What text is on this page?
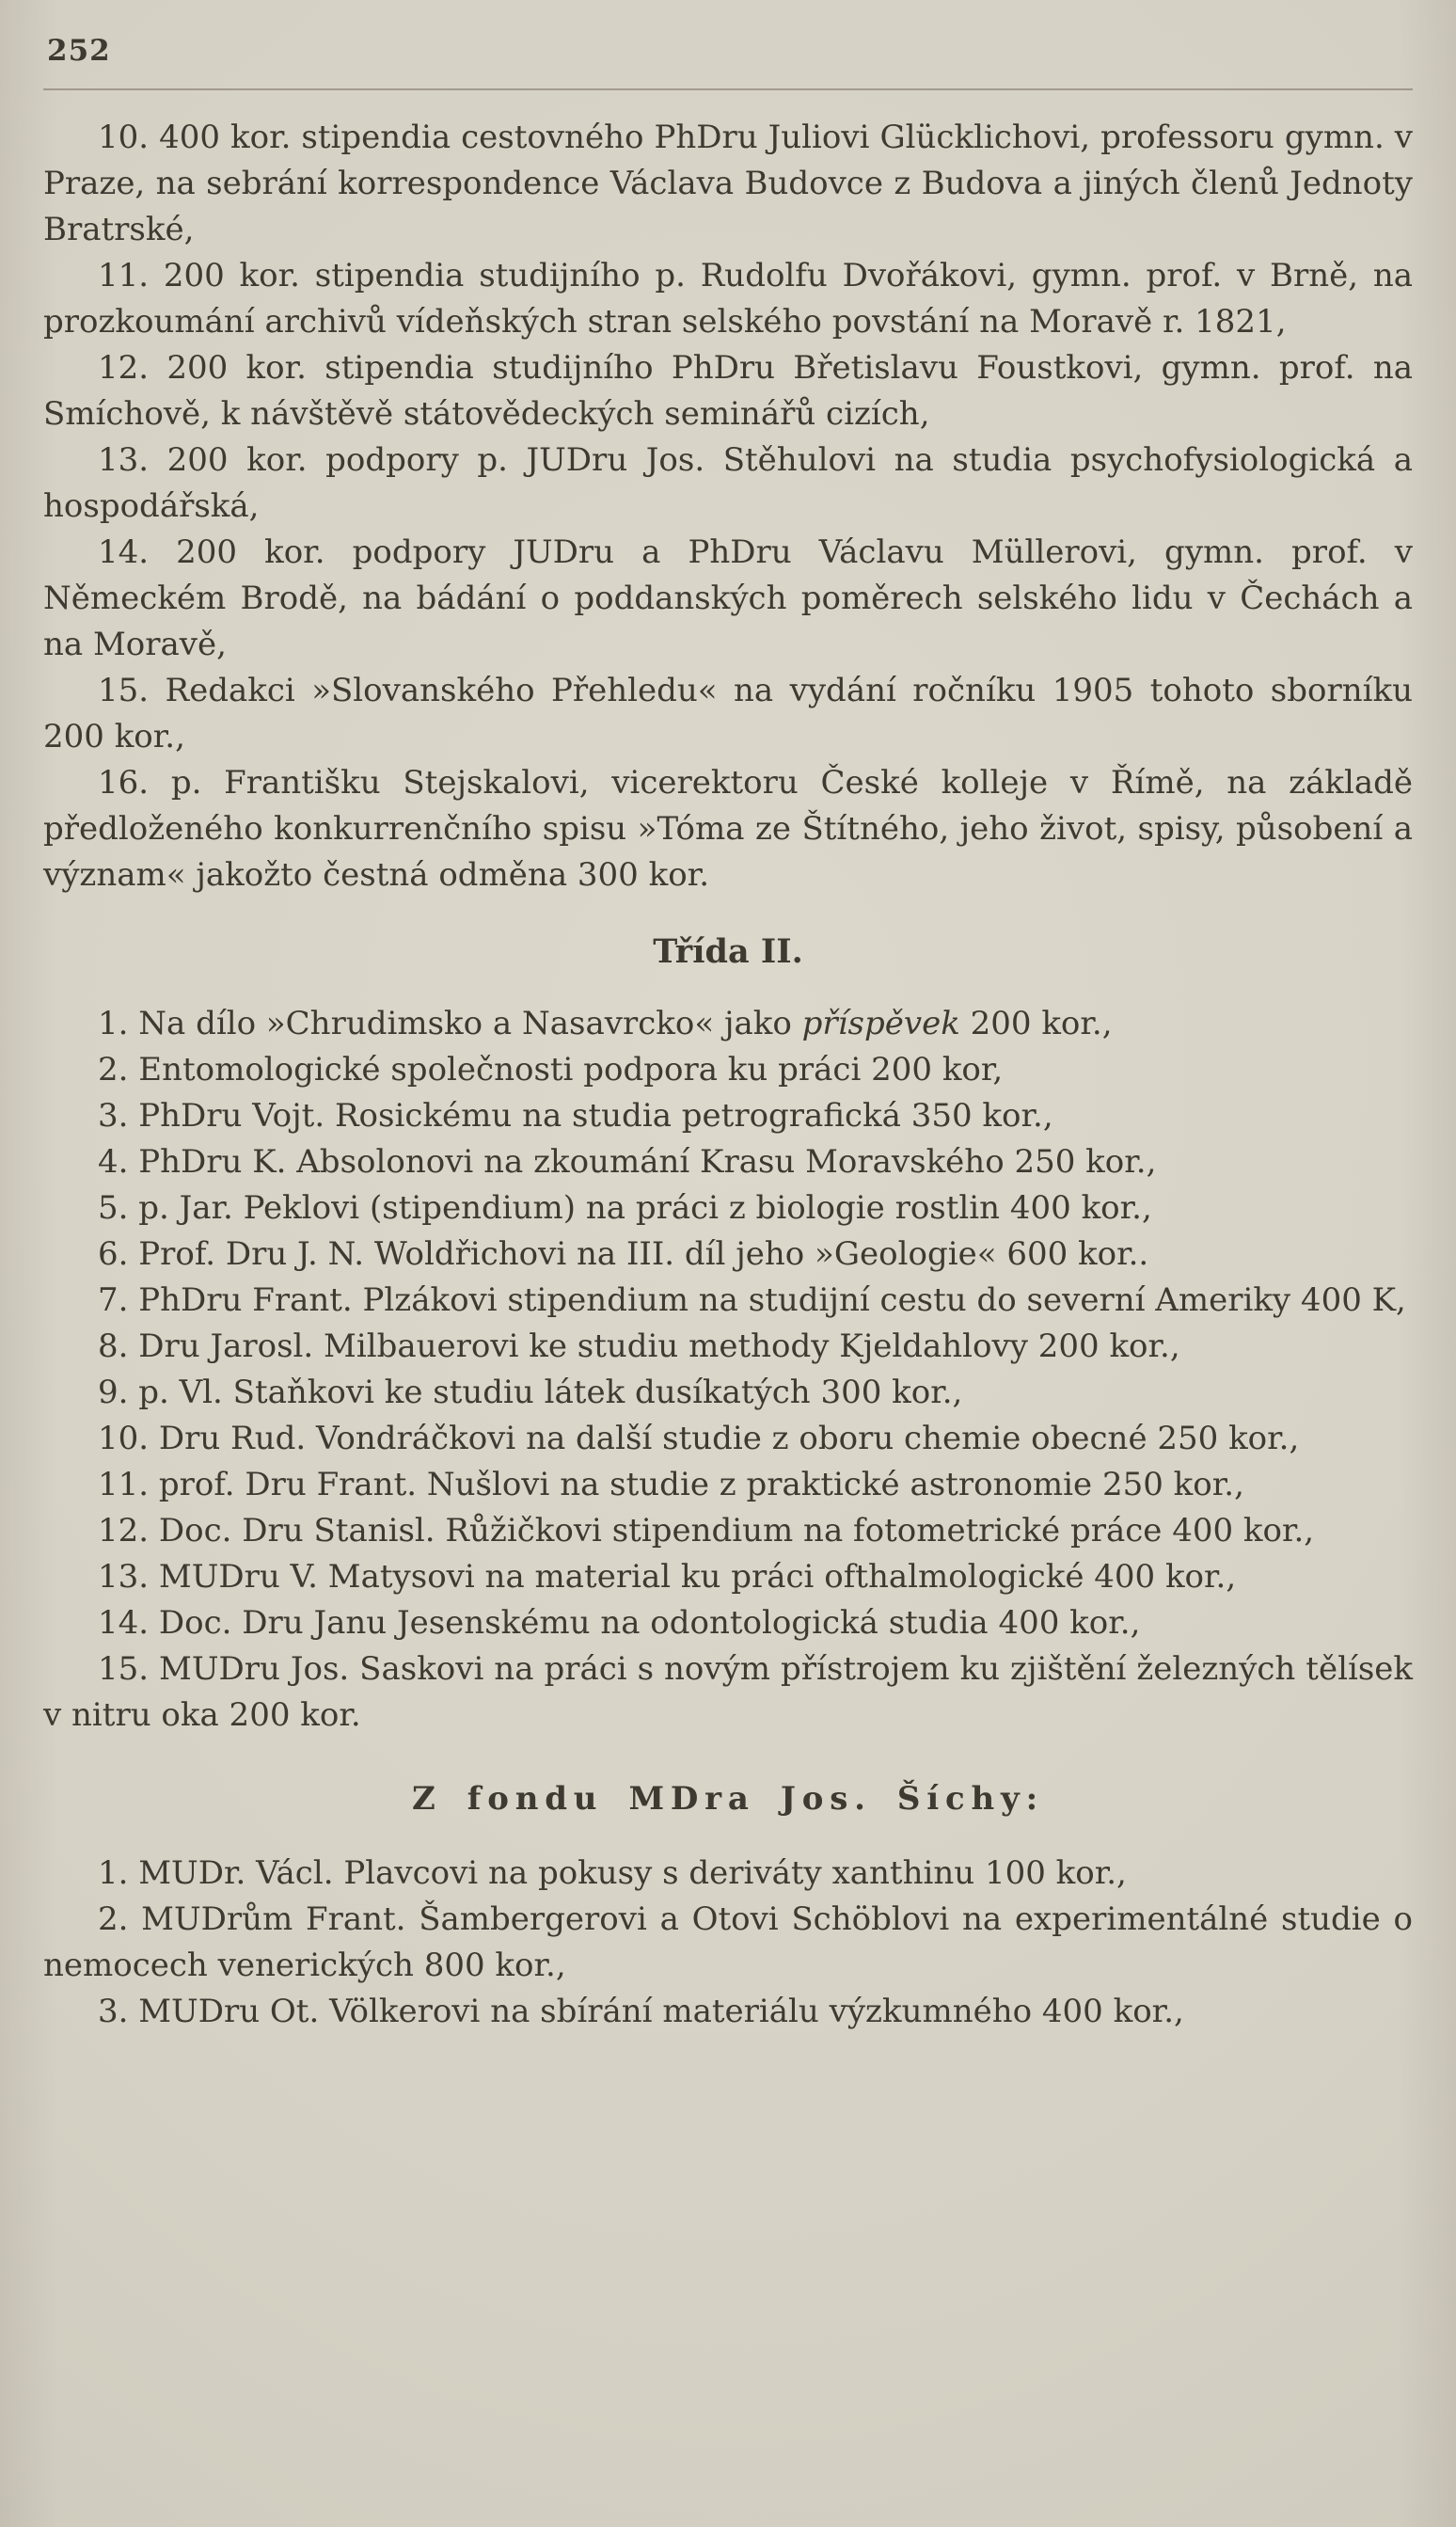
252

10. 400 kor. stipendia cestovného PhDru Juliovi Glücklichovi, professoru gymn. v Praze, na sebrání korrespondence Václava Budovce z Budova a jiných členů Jednoty Bratrské,

11. 200 kor. stipendia studijního p. Rudolfu Dvořákovi, gymn. prof. v Brně, na prozkoumání archivů vídeňských stran selského povstání na Moravě r. 1821,

12. 200 kor. stipendia studijního PhDru Břetislavu Foustkovi, gymn. prof. na Smíchově, k návštěvě státovědeckých seminářů cizích,

13. 200 kor. podpory p. JUDru Jos. Stěhulovi na studia psychofysiologická a hospodářská,

14. 200 kor. podpory JUDru a PhDru Václavu Müllerovi, gymn. prof. v Německém Brodě, na bádání o poddanských poměrech selského lidu v Čechách a na Moravě,

15. Redakci »Slovanského Přehledu« na vydání ročníku 1905 tohoto sborníku 200 kor.,

16. p. Františku Stejskalovi, vicerektoru České kolleje v Římě, na základě předloženého konkurrenčního spisu »Tóma ze Štítného, jeho život, spisy, působení a význam« jakožto čestná odměna 300 kor.

Třída II.

1. Na dílo »Chrudimsko a Nasavrcko« jako příspěvek 200 kor.,

2. Entomologické společnosti podpora ku práci 200 kor,

3. PhDru Vojt. Rosickému na studia petrografická 350 kor.,

4. PhDru K. Absolonovi na zkoumání Krasu Moravského 250 kor.,

5. p. Jar. Peklovi (stipendium) na práci z biologie rostlin 400 kor.,

6. Prof. Dru J. N. Woldřichovi na III. díl jeho »Geologie« 600 kor..

7. PhDru Frant. Plzákovi stipendium na studijní cestu do severní Ameriky 400 K,

8. Dru Jarosl. Milbauerovi ke studiu methody Kjeldahlovy 200 kor.,

9. p. Vl. Staňkovi ke studiu látek dusíkatých 300 kor.,

10. Dru Rud. Vondráčkovi na další studie z oboru chemie obecné 250 kor.,

11. prof. Dru Frant. Nušlovi na studie z praktické astronomie 250 kor.,

12. Doc. Dru Stanisl. Růžičkovi stipendium na fotometrické práce 400 kor.,

13. MUDru V. Matysovi na material ku práci ofthalmologické 400 kor.,

14. Doc. Dru Janu Jesenskému na odontologická studia 400 kor.,

15. MUDru Jos. Saskovi na práci s novým přístrojem ku zjištění železných tělísek v nitru oka 200 kor.

Z fondu MDra Jos. Šíchy:

1. MUDr. Václ. Plavcovi na pokusy s deriváty xanthinu 100 kor.,

2. MUDrům Frant. Šambergerovi a Otovi Schöblovi na experimentálné studie o nemocech venerických 800 kor.,

3. MUDru Ot. Völkerovi na sbírání materiálu výzkumného 400 kor.,
